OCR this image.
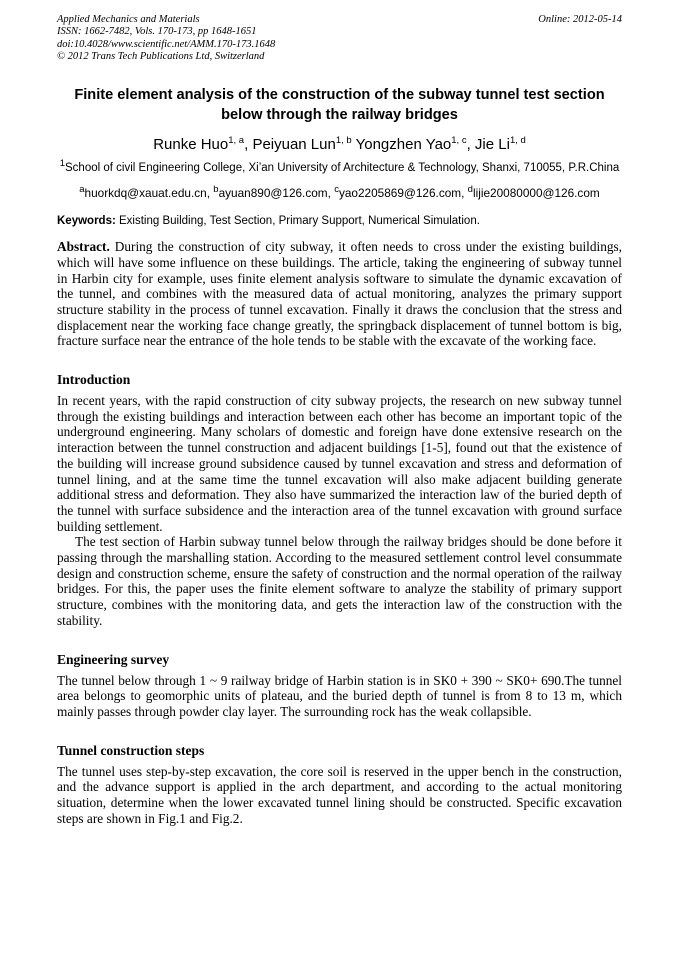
Applied Mechanics and Materials
ISSN: 1662-7482, Vols. 170-173, pp 1648-1651
doi:10.4028/www.scientific.net/AMM.170-173.1648
© 2012 Trans Tech Publications Ltd, Switzerland
Online: 2012-05-14
Finite element analysis of the construction of the subway tunnel test section below through the railway bridges
Runke Huo$^{1, a}$, Peiyuan Lun$^{1, b}$ Yongzhen Yao$^{1, c}$, Jie Li$^{1, d}$
$^1$School of civil Engineering College, Xi’an University of Architecture & Technology, Shanxi, 710055, P.R.China
$^a$huorkdq@xauat.edu.cn, $^b$ayuan890@126.com, $^c$yao2205869@126.com, $^d$lijie20080000@126.com
Keywords: Existing Building, Test Section, Primary Support, Numerical Simulation.
Abstract. During the construction of city subway, it often needs to cross under the existing buildings, which will have some influence on these buildings. The article, taking the engineering of subway tunnel in Harbin city for example, uses finite element analysis software to simulate the dynamic excavation of the tunnel, and combines with the measured data of actual monitoring, analyzes the primary support structure stability in the process of tunnel excavation. Finally it draws the conclusion that the stress and displacement near the working face change greatly, the springback displacement of tunnel bottom is big, fracture surface near the entrance of the hole tends to be stable with the excavate of the working face.
Introduction
In recent years, with the rapid construction of city subway projects, the research on new subway tunnel through the existing buildings and interaction between each other has become an important topic of the underground engineering. Many scholars of domestic and foreign have done extensive research on the interaction between the tunnel construction and adjacent buildings [1-5], found out that the existence of the building will increase ground subsidence caused by tunnel excavation and stress and deformation of tunnel lining, and at the same time the tunnel excavation will also make adjacent building generate additional stress and deformation. They also have summarized the interaction law of the buried depth of the tunnel with surface subsidence and the interaction area of the tunnel excavation with ground surface building settlement.
The test section of Harbin subway tunnel below through the railway bridges should be done before it passing through the marshalling station. According to the measured settlement control level consummate design and construction scheme, ensure the safety of construction and the normal operation of the railway bridges. For this, the paper uses the finite element software to analyze the stability of primary support structure, combines with the monitoring data, and gets the interaction law of the construction with the stability.
Engineering survey
The tunnel below through 1 ~ 9 railway bridge of Harbin station is in SK0 + 390 ~ SK0+ 690.The tunnel area belongs to geomorphic units of plateau, and the buried depth of tunnel is from 8 to 13 m, which mainly passes through powder clay layer. The surrounding rock has the weak collapsible.
Tunnel construction steps
The tunnel uses step-by-step excavation, the core soil is reserved in the upper bench in the construction, and the advance support is applied in the arch department, and according to the actual monitoring situation, determine when the lower excavated tunnel lining should be constructed. Specific excavation steps are shown in Fig.1 and Fig.2.
